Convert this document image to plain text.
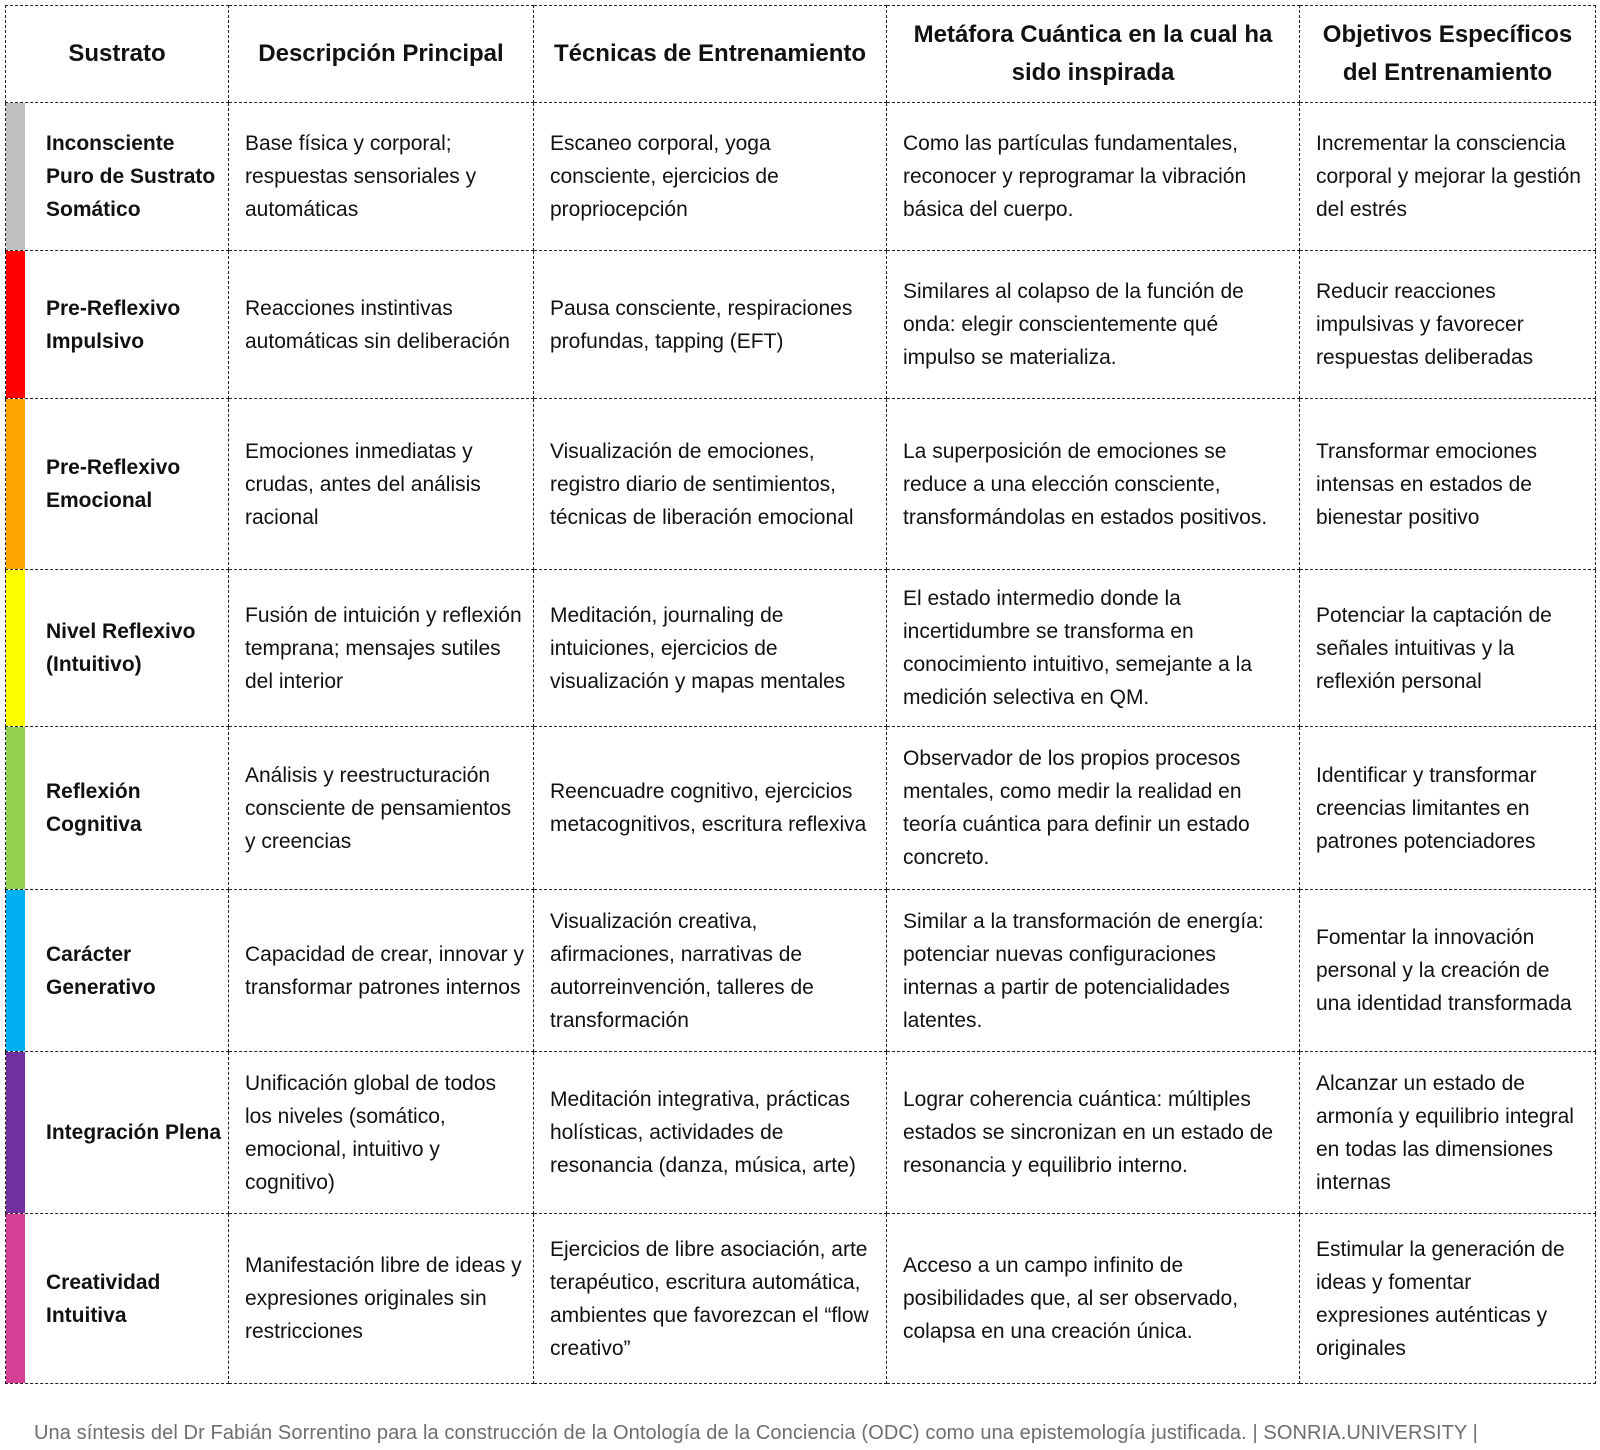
Sustrato	Descripción Principal	Técnicas de Entrenamiento	Metáfora Cuántica en la cual ha sido inspirada	Objetivos Específicos del Entrenamiento

Inconsciente Puro de Sustrato Somático	Base física y corporal; respuestas sensoriales y automáticas	Escaneo corporal, yoga consciente, ejercicios de propriocepción	Como las partículas fundamentales, reconocer y reprogramar la vibración básica del cuerpo.	Incrementar la consciencia corporal y mejorar la gestión del estrés

Pre-Reflexivo Impulsivo	Reacciones instintivas automáticas sin deliberación	Pausa consciente, respiraciones profundas, tapping (EFT)	Similares al colapso de la función de onda: elegir conscientemente qué impulso se materializa.	Reducir reacciones impulsivas y favorecer respuestas deliberadas

Pre-Reflexivo Emocional	Emociones inmediatas y crudas, antes del análisis racional	Visualización de emociones, registro diario de sentimientos, técnicas de liberación emocional	La superposición de emociones se reduce a una elección consciente, transformándolas en estados positivos.	Transformar emociones intensas en estados de bienestar positivo

Nivel Reflexivo (Intuitivo)	Fusión de intuición y reflexión temprana; mensajes sutiles del interior	Meditación, journaling de intuiciones, ejercicios de visualización y mapas mentales	El estado intermedio donde la incertidumbre se transforma en conocimiento intuitivo, semejante a la medición selectiva en QM.	Potenciar la captación de señales intuitivas y la reflexión personal

Reflexión Cognitiva	Análisis y reestructuración consciente de pensamientos y creencias	Reencuadre cognitivo, ejercicios metacognitivos, escritura reflexiva	Observador de los propios procesos mentales, como medir la realidad en teoría cuántica para definir un estado concreto.	Identificar y transformar creencias limitantes en patrones potenciadores

Carácter Generativo	Capacidad de crear, innovar y transformar patrones internos	Visualización creativa, afirmaciones, narrativas de autorreinvención, talleres de transformación	Similar a la transformación de energía: potenciar nuevas configuraciones internas a partir de potencialidades latentes.	Fomentar la innovación personal y la creación de una identidad transformada

Integración Plena	Unificación global de todos los niveles (somático, emocional, intuitivo y cognitivo)	Meditación integrativa, prácticas holísticas, actividades de resonancia (danza, música, arte)	Lograr coherencia cuántica: múltiples estados se sincronizan en un estado de resonancia y equilibrio interno.	Alcanzar un estado de armonía y equilibrio integral en todas las dimensiones internas

Creatividad Intuitiva	Manifestación libre de ideas y expresiones originales sin restricciones	Ejercicios de libre asociación, arte terapéutico, escritura automática, ambientes que favorezcan el “flow creativo”	Acceso a un campo infinito de posibilidades que, al ser observado, colapsa en una creación única.	Estimular la generación de ideas y fomentar expresiones auténticas y originales
Una síntesis del Dr Fabián Sorrentino para la construcción de la Ontología de la Conciencia (ODC) como una epistemología justificada. | SONRIA.UNIVERSITY |
